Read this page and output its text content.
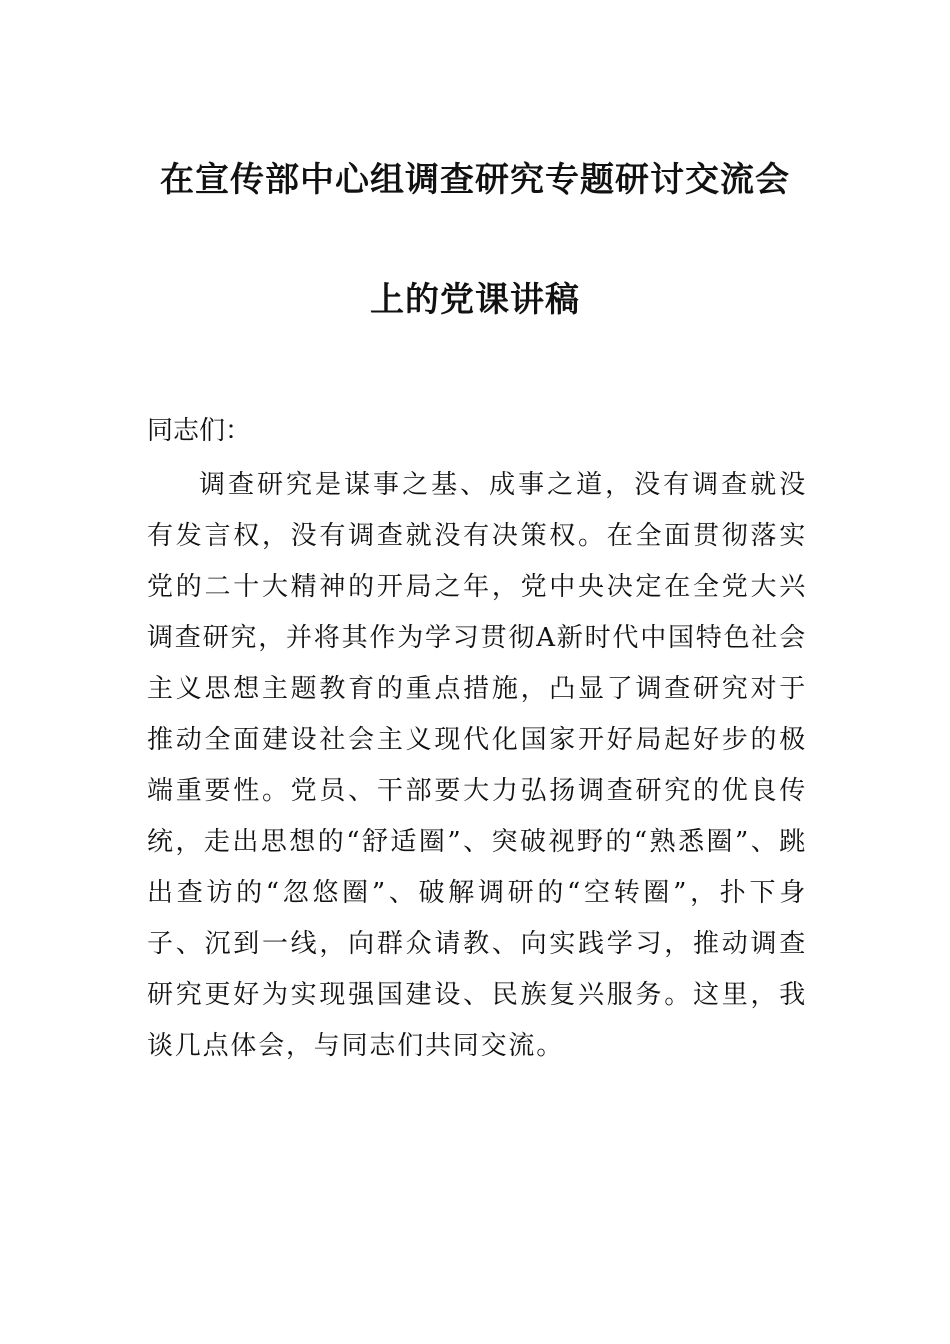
在宣传部中心组调查研究专题研讨交流会
上的党课讲稿
同志们：

调查研究是谋事之基、成事之道，没有调查就没有发言权，没有调查就没有决策权。在全面贯彻落实党的二十大精神的开局之年，党中央决定在全党大兴调查研究，并将其作为学习贯彻A新时代中国特色社会主义思想主题教育的重点措施，凸显了调查研究对于推动全面建设社会主义现代化国家开好局起好步的极端重要性。党员、干部要大力弘扬调查研究的优良传统，走出思想的“舒适圈”、突破视野的“熟悉圈”、跳出查访的“忽悠圈”、破解调研的“空转圈”，扑下身子、沉到一线，向群众请教、向实践学习，推动调查研究更好为实现强国建设、民族复兴服务。这里，我谈几点体会，与同志们共同交流。
